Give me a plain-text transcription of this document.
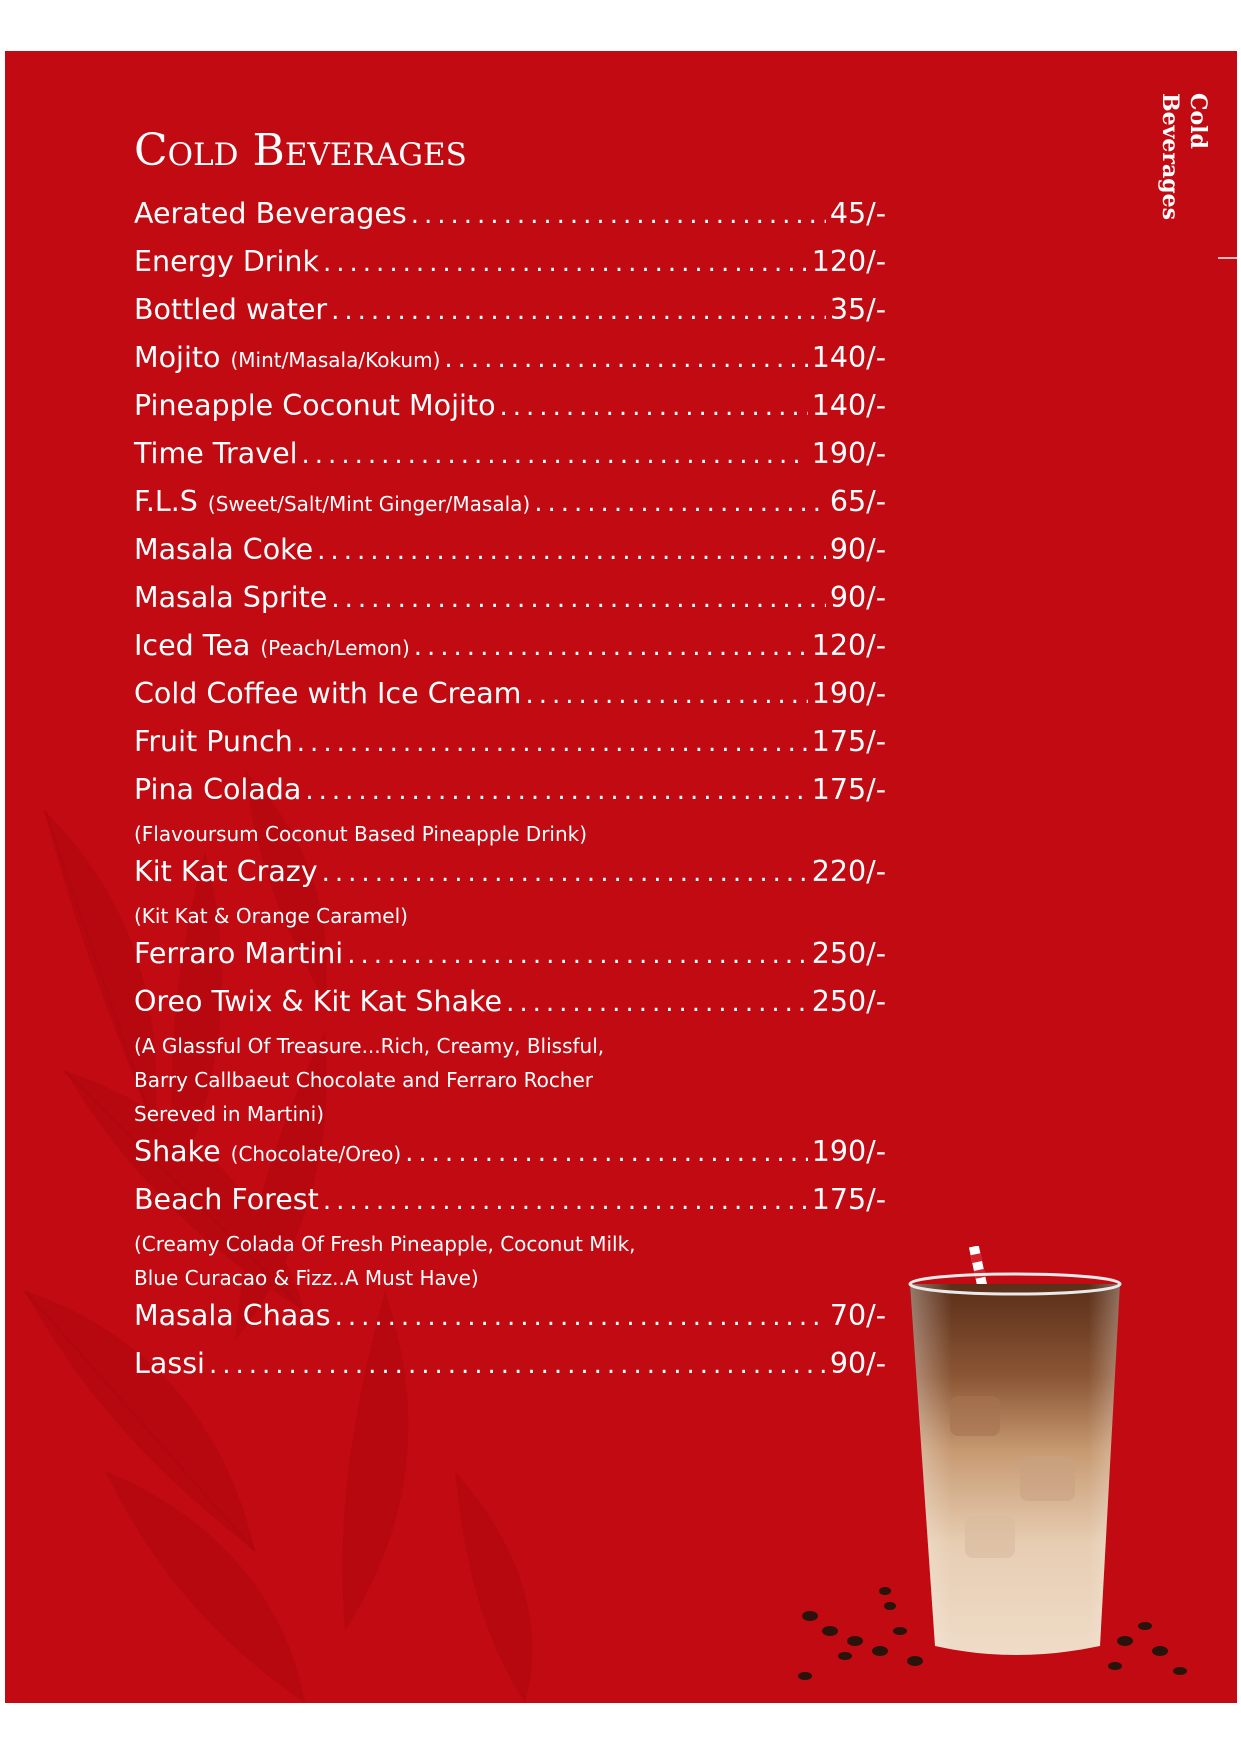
Cold
Beverages
Cold Beverages
Aerated Beverages .....	45/-
Energy Drink .....	120/-
Bottled water .....	35/-
Mojito (Mint/Masala/Kokum) .....	140/-
Pineapple Coconut Mojito .....	140/-
Time Travel .....	190/-
F.L.S (Sweet/Salt/Mint Ginger/Masala) .....	65/-
Masala Coke .....	90/-
Masala Sprite .....	90/-
Iced Tea (Peach/Lemon) .....	120/-
Cold Coffee with Ice Cream .....	190/-
Fruit Punch .....	175/-
Pina Colada .....	175/-
(Flavoursum Coconut Based Pineapple Drink)
Kit Kat Crazy .....	220/-
(Kit Kat & Orange Caramel)
Ferraro Martini .....	250/-
Oreo Twix & Kit Kat Shake .....	250/-
(A Glassful Of Treasure...Rich, Creamy, Blissful,
Barry Callbaeut Chocolate and Ferraro Rocher
Sereved in Martini)
Shake (Chocolate/Oreo) .....	190/-
Beach Forest .....	175/-
(Creamy Colada Of Fresh Pineapple, Coconut Milk,
Blue Curacao & Fizz..A Must Have)
Masala Chaas .....	70/-
Lassi .....	90/-
